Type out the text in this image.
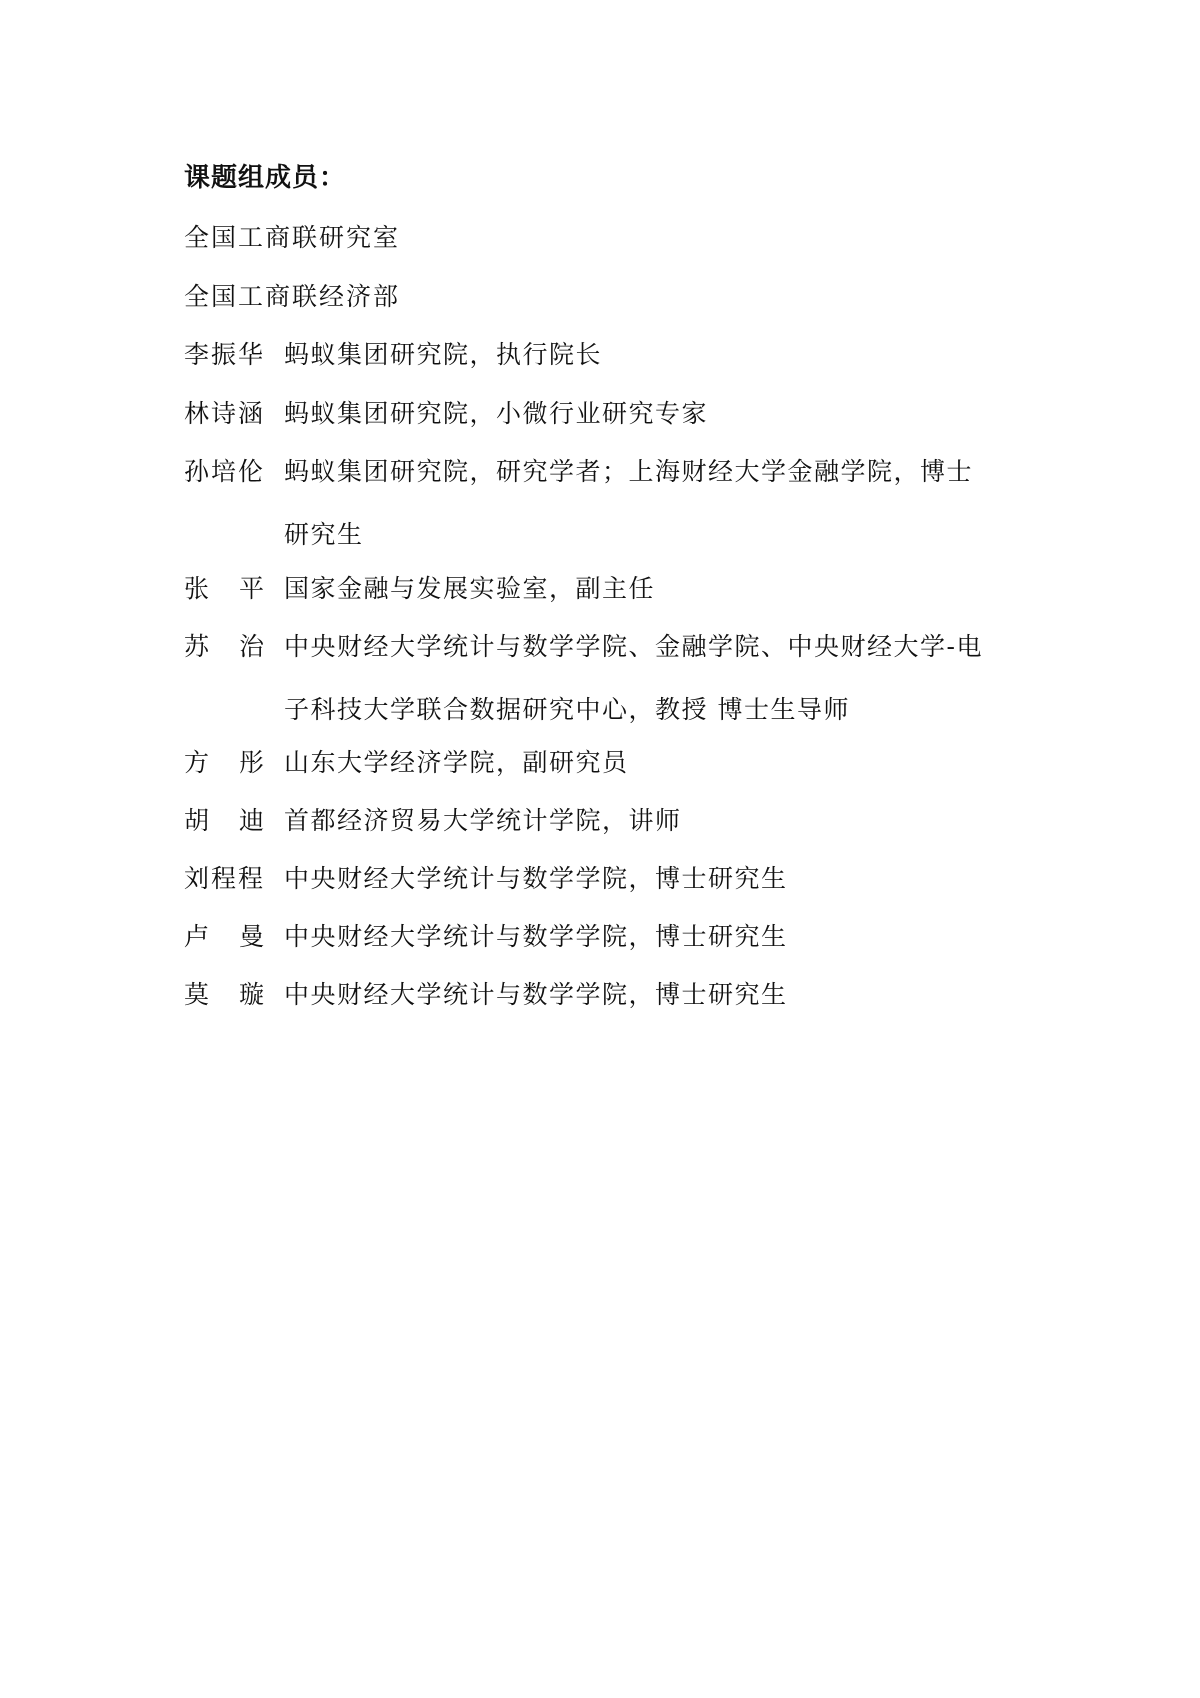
课题组成员：
全国工商联研究室
全国工商联经济部
李振华 蚂蚁集团研究院，执行院长
林诗涵 蚂蚁集团研究院，小微行业研究专家
孙培伦 蚂蚁集团研究院，研究学者；上海财经大学金融学院，博士
研究生
张 平 国家金融与发展实验室，副主任
苏 治 中央财经大学统计与数学学院、金融学院、中央财经大学-电
子科技大学联合数据研究中心，教授 博士生导师
方 彤 山东大学经济学院，副研究员
胡 迪 首都经济贸易大学统计学院，讲师
刘程程 中央财经大学统计与数学学院，博士研究生
卢 曼 中央财经大学统计与数学学院，博士研究生
莫 璇 中央财经大学统计与数学学院，博士研究生
